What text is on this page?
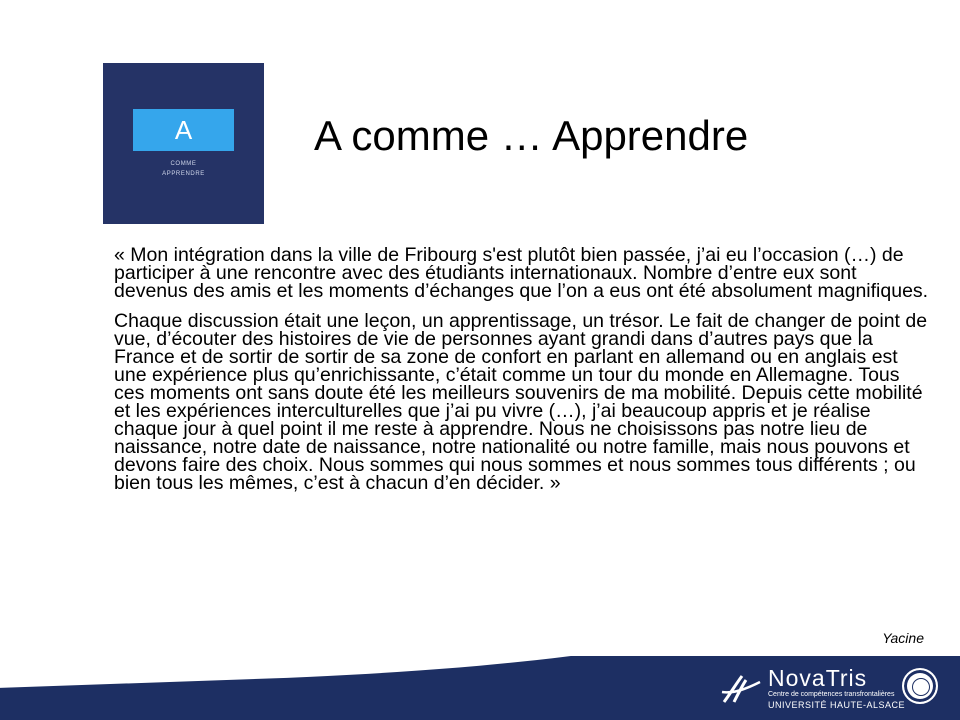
A
COMME
APPRENDRE
A comme … Apprendre

« Mon intégration dans la ville de Fribourg s'est plutôt bien passée, j’ai eu l’occasion (…) de participer à une rencontre avec des étudiants internationaux. Nombre d’entre eux sont devenus des amis et les moments d’échanges que l’on a eus ont été absolument magnifiques.

Chaque discussion était une leçon, un apprentissage, un trésor. Le fait de changer de point de vue, d’écouter des histoires de vie de personnes ayant grandi dans d’autres pays que la France et de sortir de sortir de sa zone de confort en parlant en allemand ou en anglais est une expérience plus qu’enrichissante, c’était comme un tour du monde en Allemagne. Tous ces moments ont sans doute été les meilleurs souvenirs de ma mobilité. Depuis cette mobilité et les expériences interculturelles que j’ai pu vivre (…), j’ai beaucoup appris et je réalise chaque jour à quel point il me reste à apprendre. Nous ne choisissons pas notre lieu de naissance, notre date de naissance, notre nationalité ou notre famille, mais nous pouvons et devons faire des choix. Nous sommes qui nous sommes et nous sommes tous différents ; ou bien tous les mêmes, c’est à chacun d’en décider. »

Yacine
NovaTris
Centre de compétences transfrontalières
UNIVERSITÉ HAUTE-ALSACE
